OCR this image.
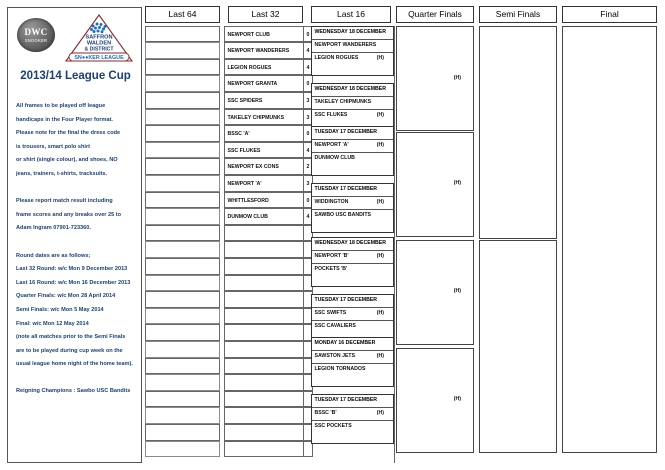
DWC
SNOOKER	SAFFRON
WALDEN
& DISTRICT
SN●●KER LEAGUE
2013/14 League Cup
All frames to be played off league
handicaps in the Four Player format.
Please note for the final the dress code
is trousers, smart polo shirt
or shirt (single colour), and shoes, NO
jeans, trainers, t-shirts, tracksuits.
Please report match result including
frame scores and any breaks over 25 to
Adam Ingram 07901-723360.
Round dates are as follows;
Last 32 Round: w/c Mon 9 December 2013
Last 16 Round: w/c Mon 16 December 2013
Quarter Finals: w/c Mon 28 April 2014
Semi Finals: w/c Mon 5 May 2014
Final: w/c Mon 12 May 2014
(note all matches prior to the Semi Finals
are to be played during cup week on the
usual league home night of the home team).
Reigning Champions : Sawbo USC Bandits
Last 64	Last 32	Last 16	Quarter Finals	Semi Finals	Final
NEWPORT CLUB	0
NEWPORT WANDERERS	4
LEGION ROGUES	4
NEWPORT GRANTA	0
SSC SPIDERS	3
TAKELEY CHIPMUNKS	3
BSSC 'A'	0
SSC FLUKES	4
NEWPORT EX CONS	2
NEWPORT 'A'	3
WHITTLESFORD	0
DUNMOW CLUB	4
WEDNESDAY 18 DECEMBER
NEWPORT WANDERERS
LEGION ROGUES	(H)
WEDNESDAY 18 DECEMBER
TAKELEY CHIPMUNKS
SSC FLUKES	(H)
TUESDAY 17 DECEMBER
NEWPORT 'A'	(H)
DUNMOW CLUB
TUESDAY 17 DECEMBER
WIDDINGTON	(H)
SAWBO USC BANDITS
WEDNESDAY 18 DECEMBER
NEWPORT 'B'	(H)
POCKETS 'B'
TUESDAY 17 DECEMBER
SSC SWIFTS	(H)
SSC CAVALIERS
MONDAY 16 DECEMBER
SAWSTON JETS	(H)
LEGION TORNADOS
TUESDAY 17 DECEMBER
BSSC 'B'	(H)
SSC POCKETS
(H)
(H)
(H)
(H)
